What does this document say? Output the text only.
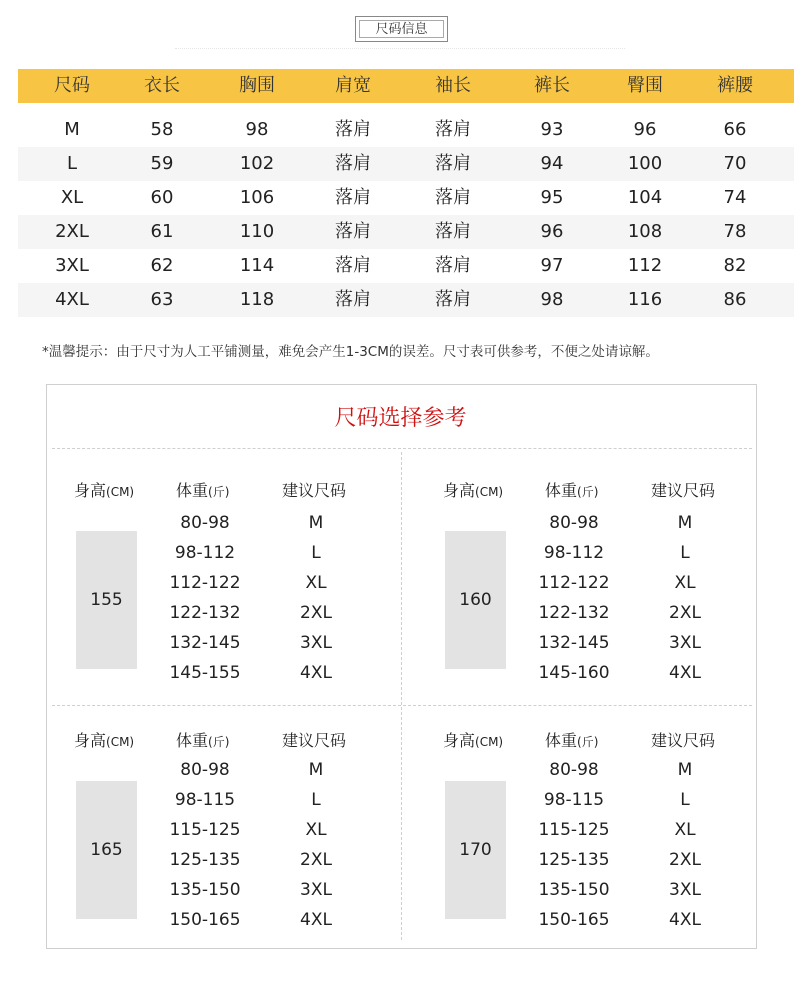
尺码信息
尺码	衣长	胸围	肩宽	袖长	裤长	臀围	裤腰
M	58	98	落肩	落肩	93	96	66
L	59	102	落肩	落肩	94	100	70
XL	60	106	落肩	落肩	95	104	74
2XL	61	110	落肩	落肩	96	108	78
3XL	62	114	落肩	落肩	97	112	82
4XL	63	118	落肩	落肩	98	116	86
*温馨提示：由于尺寸为人工平铺测量，难免会产生1-3CM的误差。尺寸表可供参考，不便之处请谅解。
尺码选择参考
身高(CM)	体重(斤)	建议尺码
155
80-98	M
98-112	L
112-122	XL
122-132	2XL
132-145	3XL
145-155	4XL
身高(CM)	体重(斤)	建议尺码
160
80-98	M
98-112	L
112-122	XL
122-132	2XL
132-145	3XL
145-160	4XL
身高(CM)	体重(斤)	建议尺码
165
80-98	M
98-115	L
115-125	XL
125-135	2XL
135-150	3XL
150-165	4XL
身高(CM)	体重(斤)	建议尺码
170
80-98	M
98-115	L
115-125	XL
125-135	2XL
135-150	3XL
150-165	4XL
